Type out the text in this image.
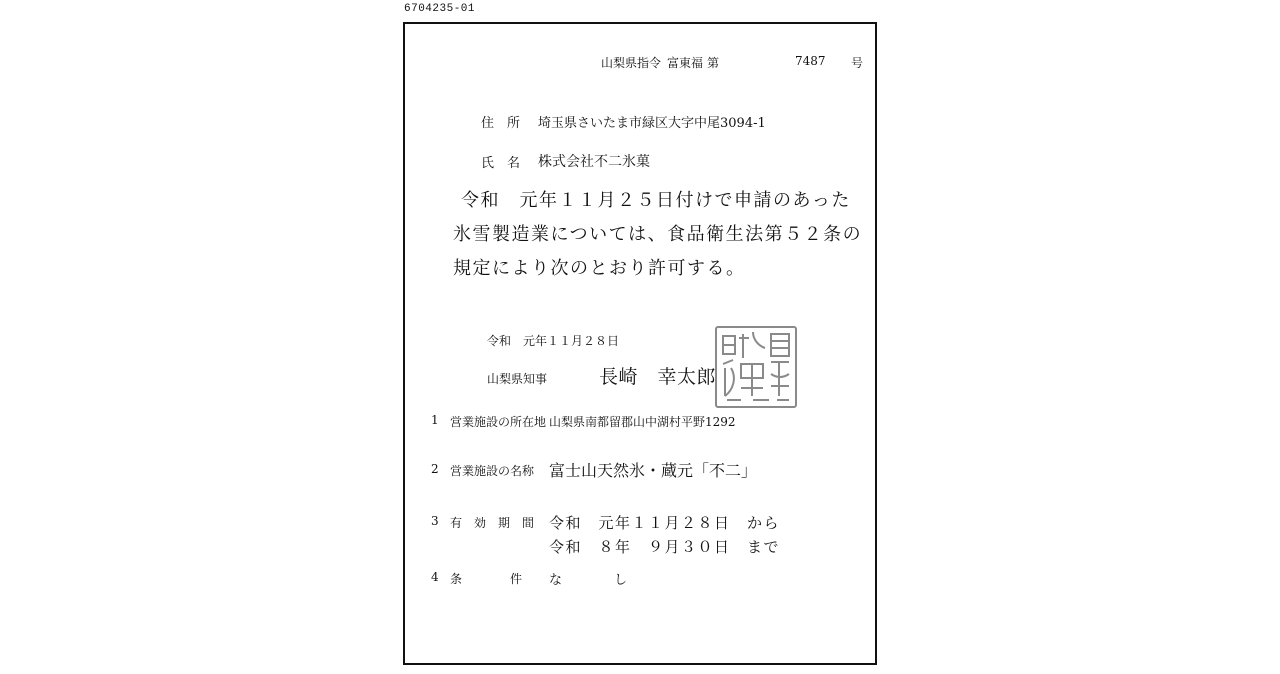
6704235-01
山梨県指令 富東福 第	7487 号
住　所 埼玉県さいたま市緑区大字中尾3094-1
氏　名 株式会社不二氷菓
令和　元年１１月２５日付けで申請のあった
氷雪製造業については、食品衛生法第５２条の
規定により次のとおり許可する。
令和　元年１１月２８日
山梨県知事	長崎　幸太郎
1 営業施設の所在地 山梨県南都留郡山中湖村平野1292
2 営業施設の名称 富士山天然氷・蔵元「不二」
3 有　効　期　間 令和　元年１１月２８日　から
令和　８年　９月３０日　まで
4 条　　　　件 な　　　　し
